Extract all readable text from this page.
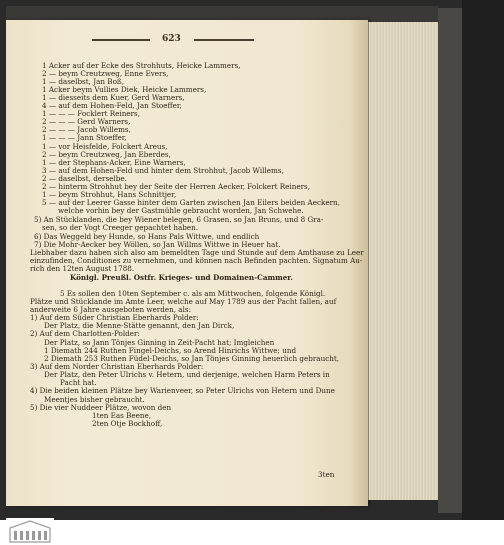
623
1 Acker auf der Ecke des Strohhuts, Heicke Lammers,
2 — beym Creutzweg, Enne Evers,
1 — daselbst, Jan Boß,
1 Acker beym Vullies Diek, Heicke Lammers,
1 — diesseits dem Kuer, Gerd Warners,
4 — auf dem Hohen-Feld, Jan Stoeffer,
1 — — — Focklert Reiners,
2 — — — Gerd Warners,
2 — — — Jacob Willems,
1 — — — Jann Stoeffer,
1 — vor Heisfelde, Folckert Areus,
2 — beym Creutzweg, Jan Eberdes,
1 — der Stephans-Acker, Eine Warners,
3 — auf dem Hohen-Feld und hinter dem Strohhut, Jacob Willems,
2 — daselbst, derselbe.
2 — hinterm Strohhut bey der Seite der Herren Aecker, Folckert Reiners,
1 — beym Strohhut, Hans Schnittjer,
5 — auf der Leerer Gasse hinter dem Garten zwischen Jan Eilers beiden Aeckern,
welche vorhin bey der Gastmühle gebraucht worden, Jan Schwehe.
5) An Stücklanden, die bey Wiener belegen, 6 Grasen, so Jan Bruns, und 8 Gra-
sen, so der Vogt Creeger gepachtet haben.
6) Das Weggeld bey Hunde, so Hans Pals Wittwe, und endlich
7) Die Mohr-Aecker bey Wöllen, so Jan Willms Wittwe in Heuer hat.
Liebhaber dazu haben sich also am bemeldten Tage und Stunde auf dem Amthause zu Leer
einzufinden, Conditiones zu vernehmen, und können nach Befinden pachten. Signatum Au-
rich den 12ten August 1788.
Königl. Preußl. Ostfr. Krieges- und Domainen-Cammer.
5 Es sollen den 10ten September c. als am Mittwochen, folgende Königl.
Plätze und Stücklande im Amte Leer, welche auf May 1789 aus der Pacht fallen, auf
anderweite 6 Jahre ausgeboten werden, als:
1) Auf dem Süder Christian Eberhards Polder:
Der Platz, die Menne-Stätte genannt, den Jan Dirck,
2) Auf dem Charlotten-Polder:
Der Platz, so Jann Tönjes Ginning in Zeit-Pacht hat; Imgleichen
1 Diemath 244 Ruthen Fingel-Deichs, so Arend Hinrichs Wittwe; und
2 Diemath 253 Ruthen Füdel-Deichs, so Jan Tönjes Ginning heuerlich gebraucht,
3) Auf dem Norder Christian Eberhards Polder:
Der Platz, den Peter Ulrichs v. Hetern, und derjenige, welchen Harm Peters in
Pacht hat.
4) Die beiden kleinen Plätze bey Warienveer, so Peter Ulrichs von Hetern und Dune
Meentjes bisher gebraucht.
5) Die vier Nuddeer Plätze, wovon den
1ten Eas Beene,
2ten Otje Bockhoff,
3ten
